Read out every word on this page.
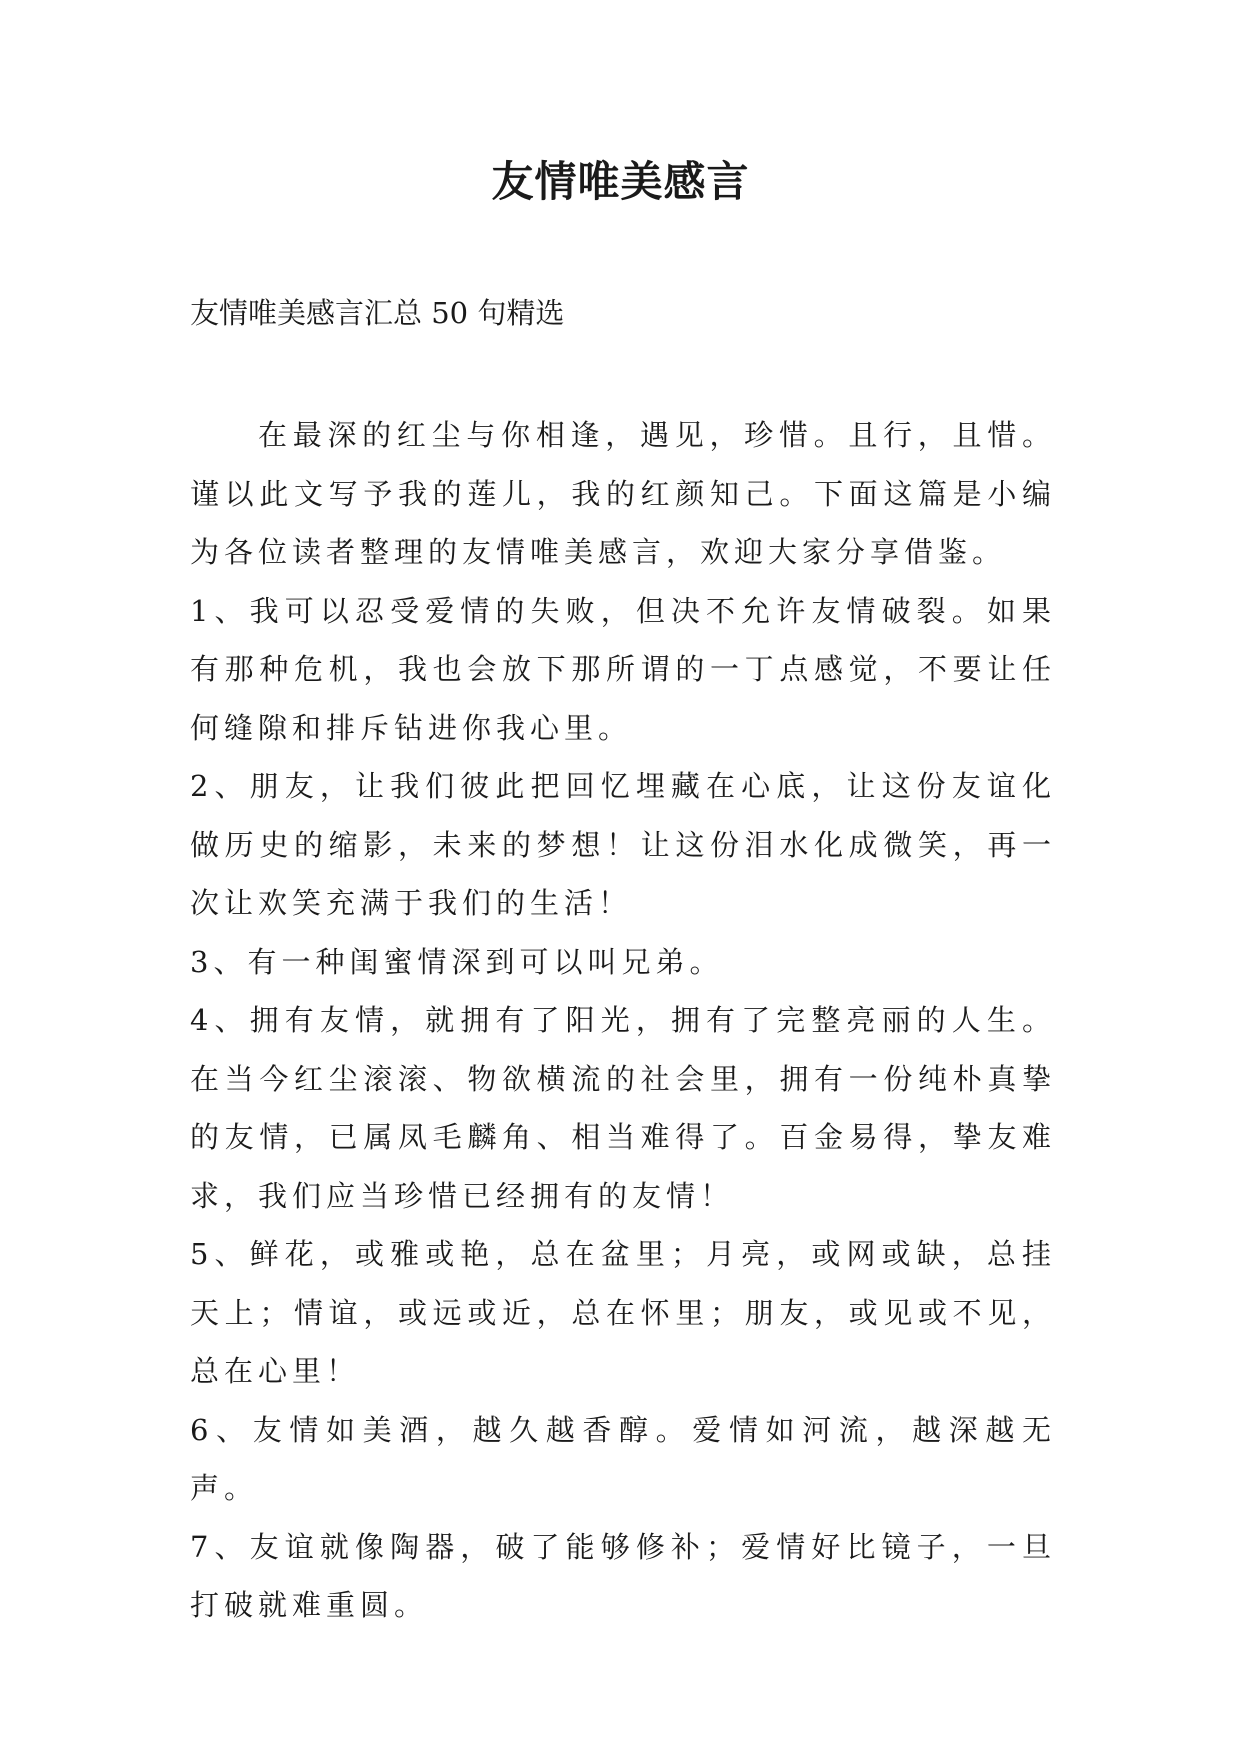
友情唯美感言
友情唯美感言汇总 50 句精选

在最深的红尘与你相逢，遇见，珍惜。且行，且惜。谨以此文写予我的莲儿，我的红颜知己。下面这篇是小编为各位读者整理的友情唯美感言，欢迎大家分享借鉴。

1、我可以忍受爱情的失败，但决不允许友情破裂。如果有那种危机，我也会放下那所谓的一丁点感觉，不要让任何缝隙和排斥钻进你我心里。

2、朋友，让我们彼此把回忆埋藏在心底，让这份友谊化做历史的缩影，未来的梦想！让这份泪水化成微笑，再一次让欢笑充满于我们的生活！

3、有一种闺蜜情深到可以叫兄弟。

4、拥有友情，就拥有了阳光，拥有了完整亮丽的人生。在当今红尘滚滚、物欲横流的社会里，拥有一份纯朴真挚的友情，已属凤毛麟角、相当难得了。百金易得，挚友难求，我们应当珍惜已经拥有的友情！

5、鲜花，或雅或艳，总在盆里；月亮，或网或缺，总挂天上；情谊，或远或近，总在怀里；朋友，或见或不见，总在心里！

6、友情如美酒，越久越香醇。爱情如河流，越深越无声。

7、友谊就像陶器，破了能够修补；爱情好比镜子，一旦打破就难重圆。
